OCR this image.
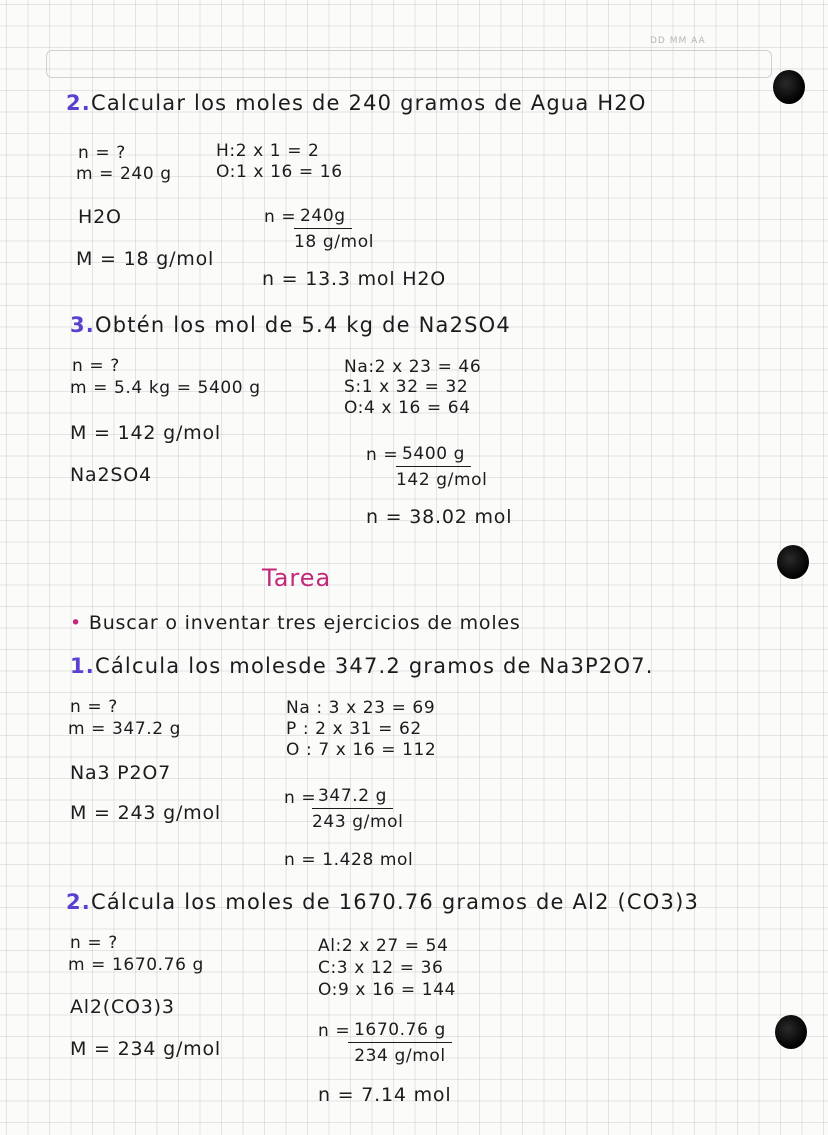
DD MM AA
2.Calcular los moles de 240 gramos de Agua H2O
n = ?
m = 240 g
H:2 x 1 = 2
O:1 x 16 = 16
H2O	n = 240g
18 g/mol
M = 18 g/mol
n = 13.3 mol H2O
3.Obtén los mol de 5.4 kg de Na2SO4
n = ?
m = 5.4 kg = 5400 g
Na:2 x 23 = 46
S:1 x 32 = 32
O:4 x 16 = 64
M = 142 g/mol
n = 5400 g
142 g/mol
Na2SO4
n = 38.02 mol
Tarea
• Buscar o inventar tres ejercicios de moles
1.Cálcula los molesde 347.2 gramos de Na3P2O7.
n = ?
m = 347.2 g
Na : 3 x 23 = 69
P : 2 x 31 = 62
O : 7 x 16 = 112
Na3 P2O7
n = 347.2 g
243 g/mol
M = 243 g/mol
n = 1.428 mol
2.Cálcula los moles de 1670.76 gramos de Al2 (CO3)3
n = ?
m = 1670.76 g
Al:2 x 27 = 54
C:3 x 12 = 36
O:9 x 16 = 144
Al2(CO3)3
n = 1670.76 g
234 g/mol
M = 234 g/mol
n = 7.14 mol
